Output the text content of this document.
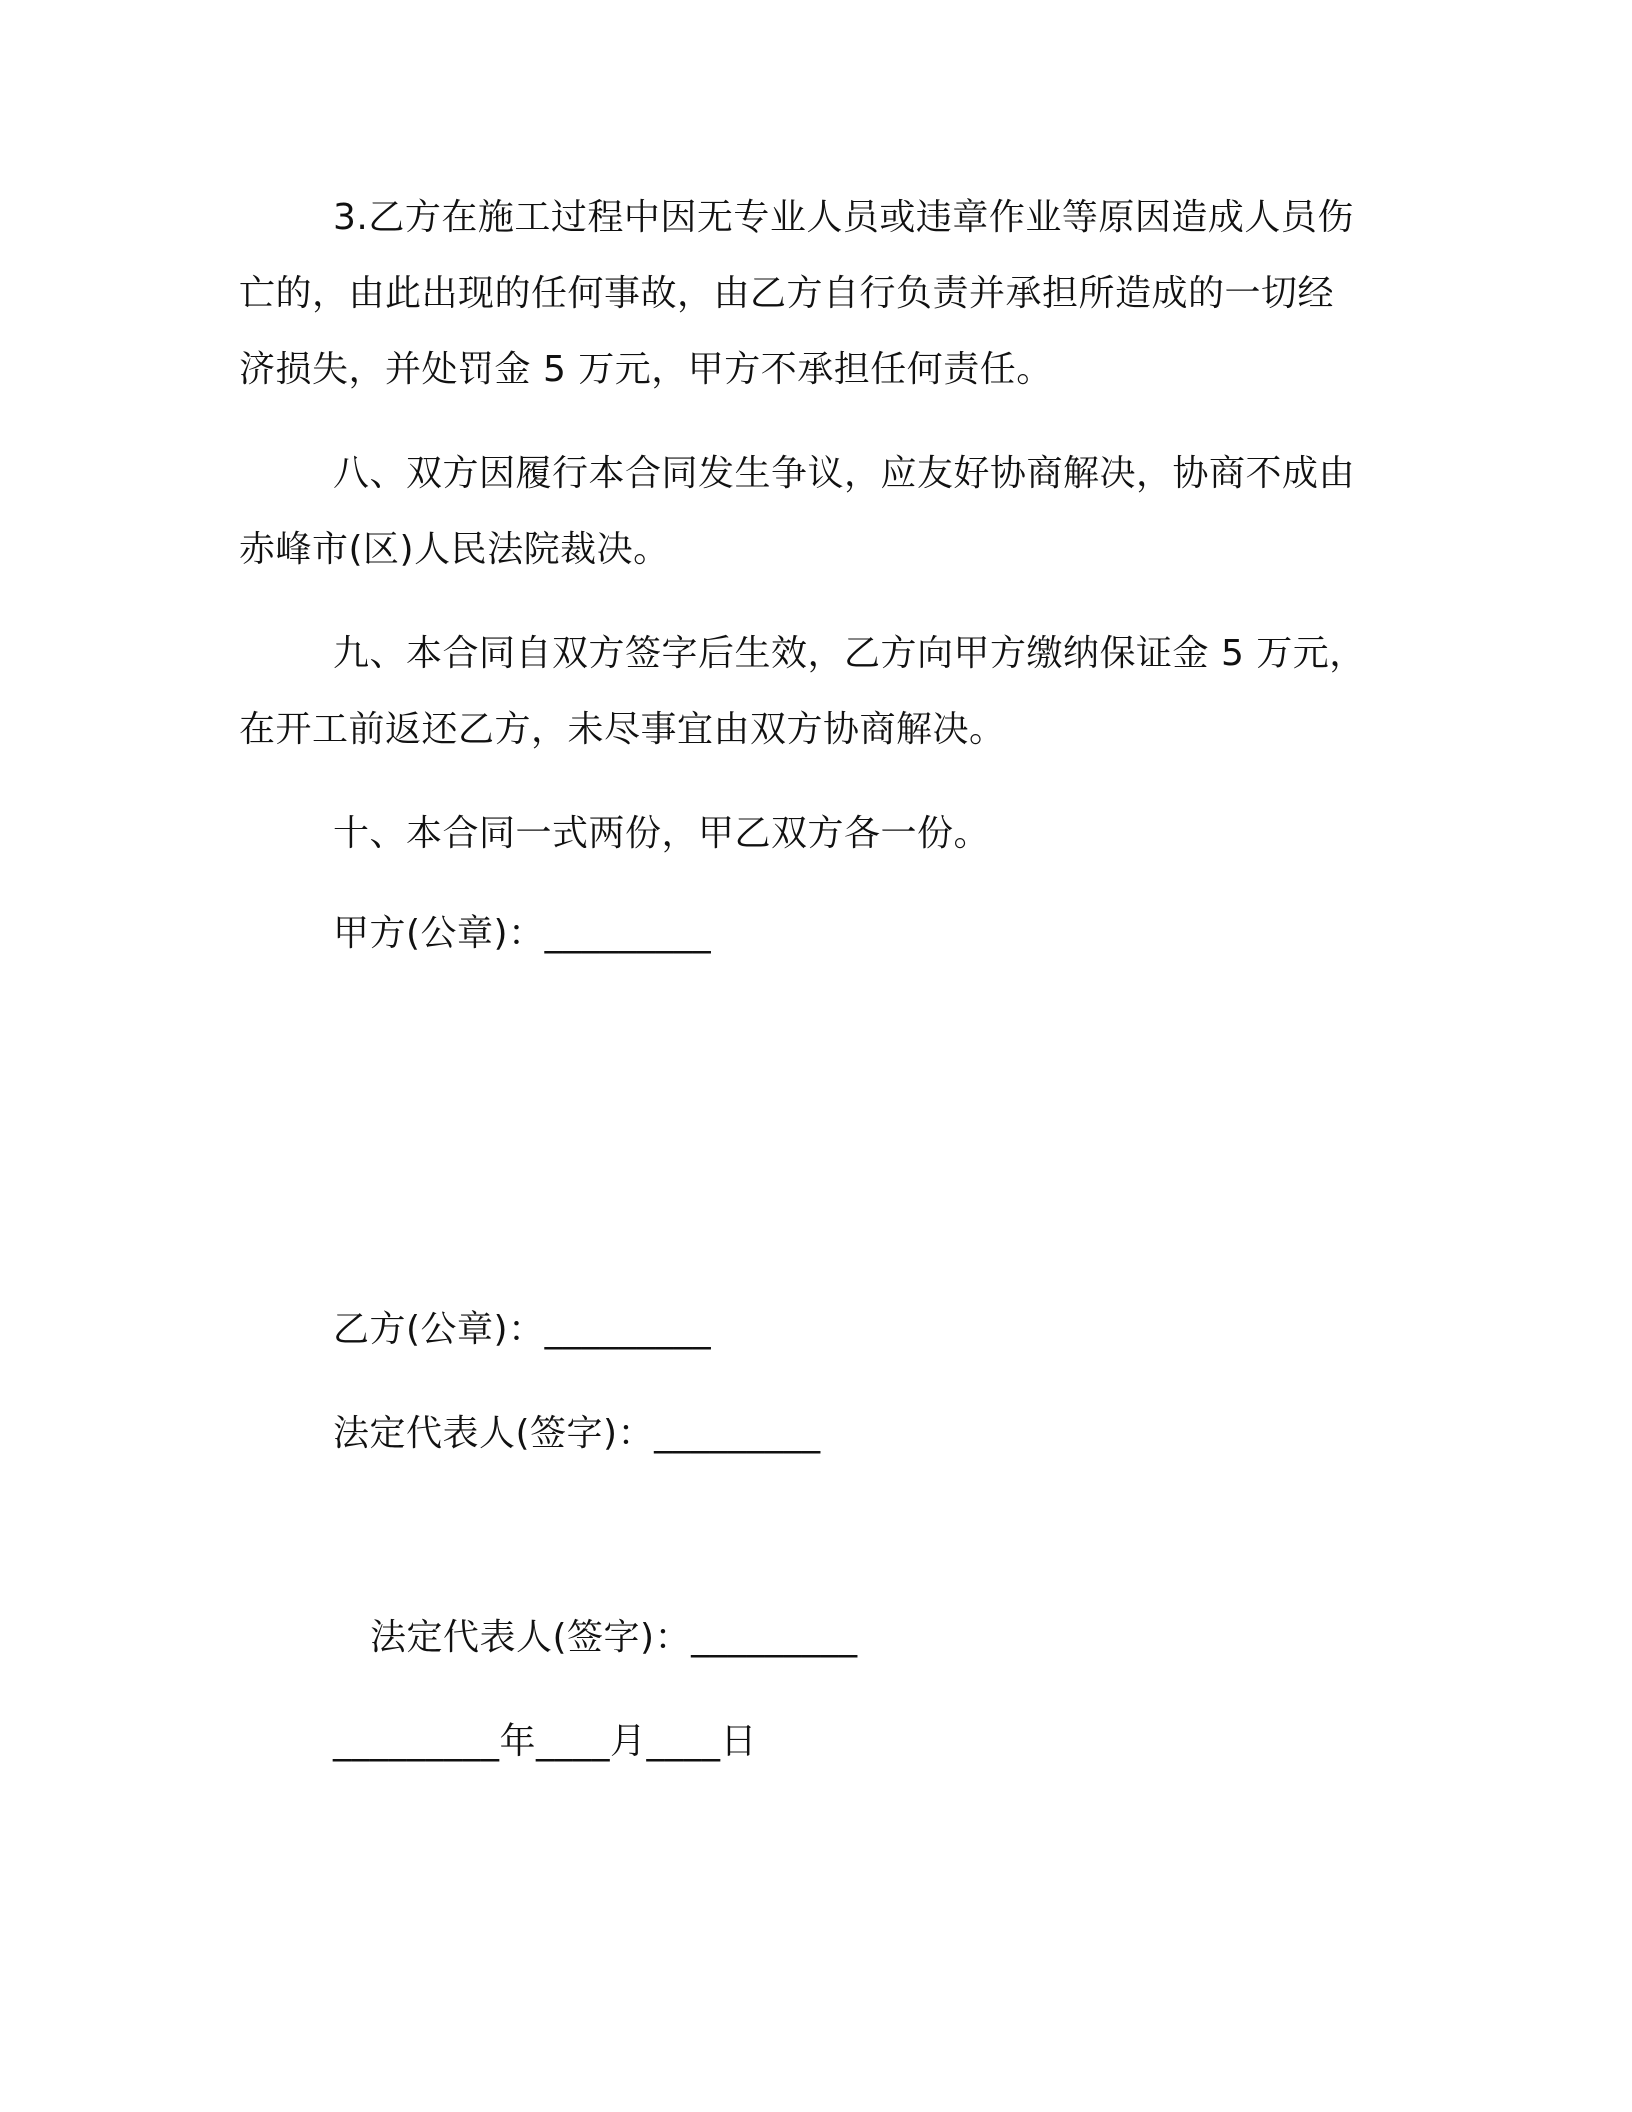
3.乙方在施工过程中因无专业人员或违章作业等原因造成人员伤
亡的，由此出现的任何事故，由乙方自行负责并承担所造成的一切经
济损失，并处罚金 5 万元，甲方不承担任何责任。
八、双方因履行本合同发生争议，应友好协商解决，协商不成由
赤峰市(区)人民法院裁决。
九、本合同自双方签字后生效，乙方向甲方缴纳保证金 5 万元，
在开工前返还乙方，未尽事宜由双方协商解决。
十、本合同一式两份，甲乙双方各一份。
甲方(公章)：_________
乙方(公章)：_________
法定代表人(签字)：_________
法定代表人(签字)：_________
_________年____月____日
